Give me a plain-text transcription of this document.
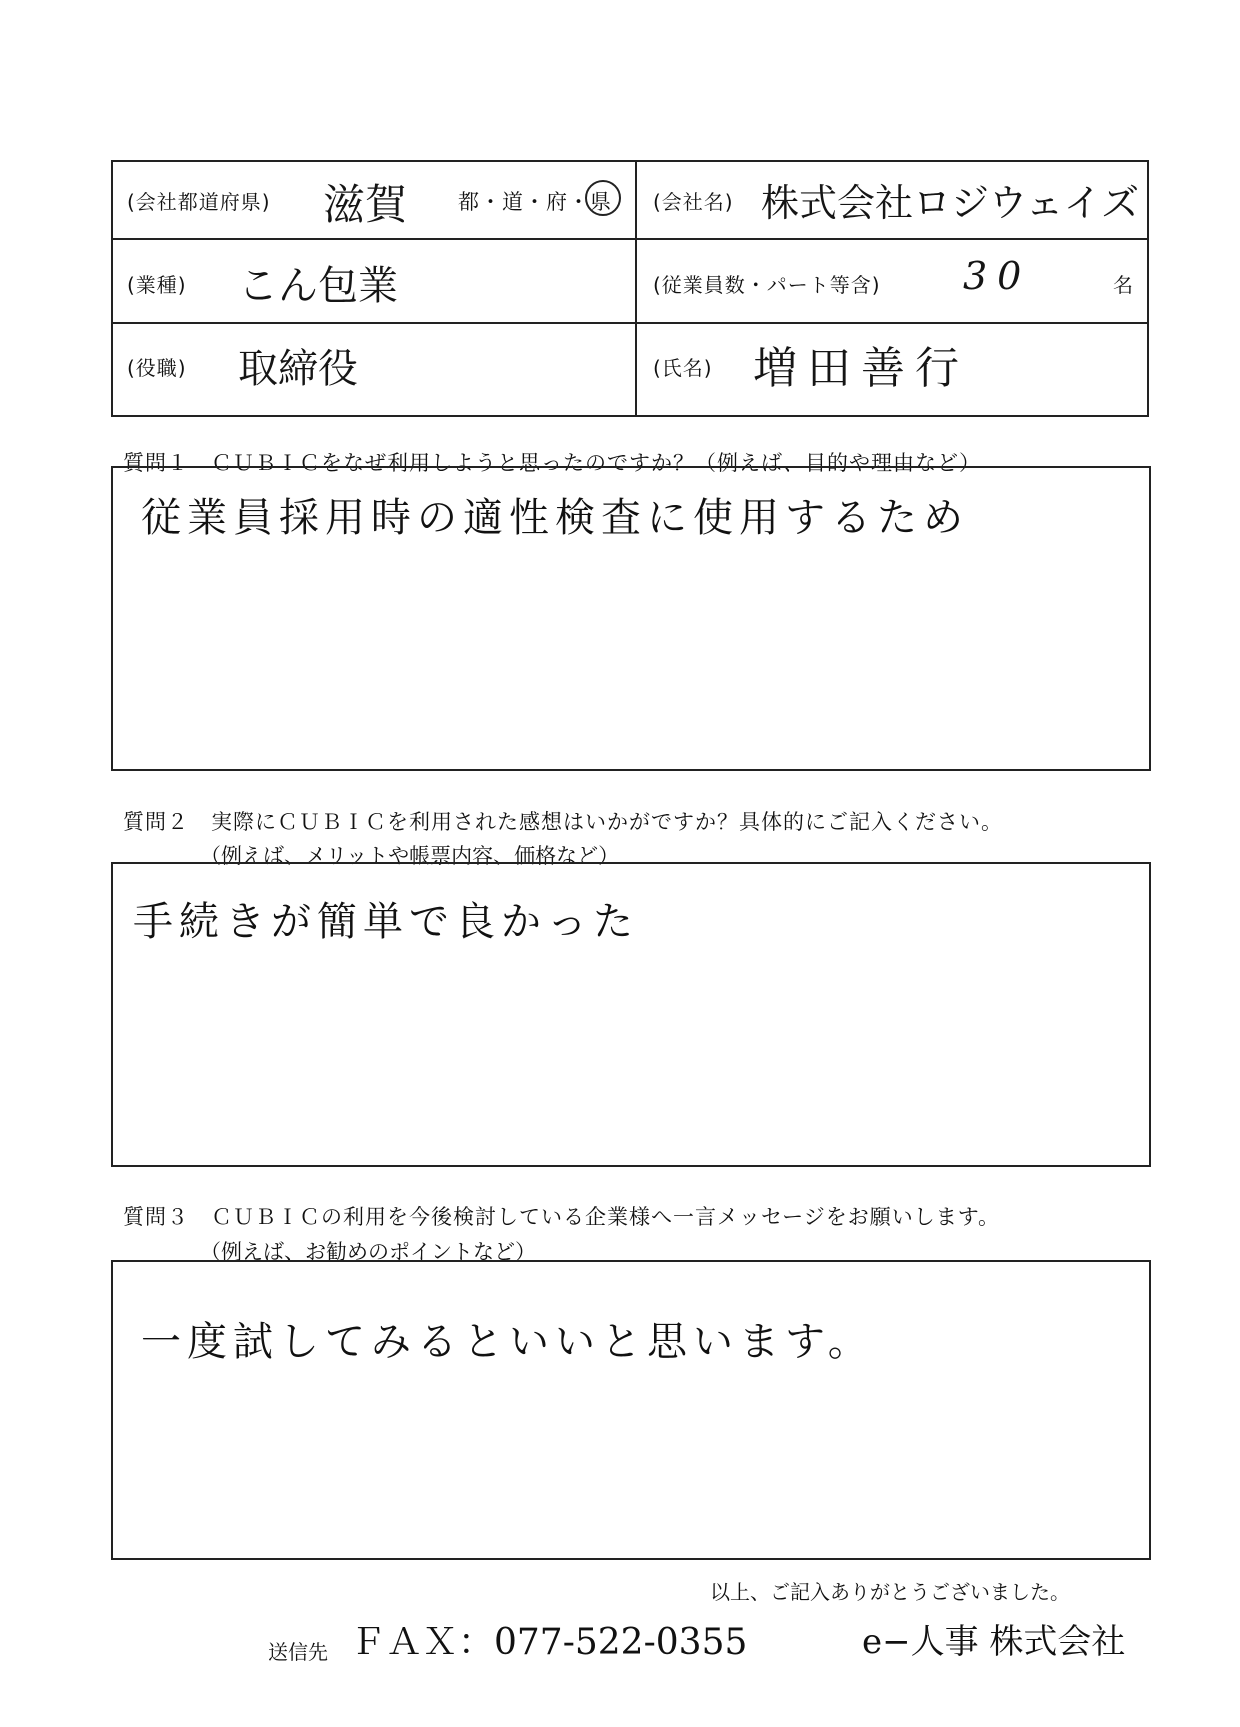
(会社都道府県) 滋賀 都・道・府・県 (会社名) 株式会社ロジウェイズ
(業種) こん包業	(従業員数・パート等含) 30	名
(役職) 取締役	(氏名) 増田善行
質問１　ＣＵＢＩＣをなぜ利用しようと思ったのですか？（例えば、目的や理由など）
従業員採用時の適性検査に使用するため
質問２　実際にＣＵＢＩＣを利用された感想はいかがですか？具体的にご記入ください。
（例えば、メリットや帳票内容、価格など）
手続きが簡単で良かった
質問３　ＣＵＢＩＣの利用を今後検討している企業様へ一言メッセージをお願いします。
（例えば、お勧めのポイントなど）
一度試してみるといいと思います。
以上、ご記入ありがとうございました。
送信先 ＦＡＸ：077-522-0355	e−人事 株式会社
